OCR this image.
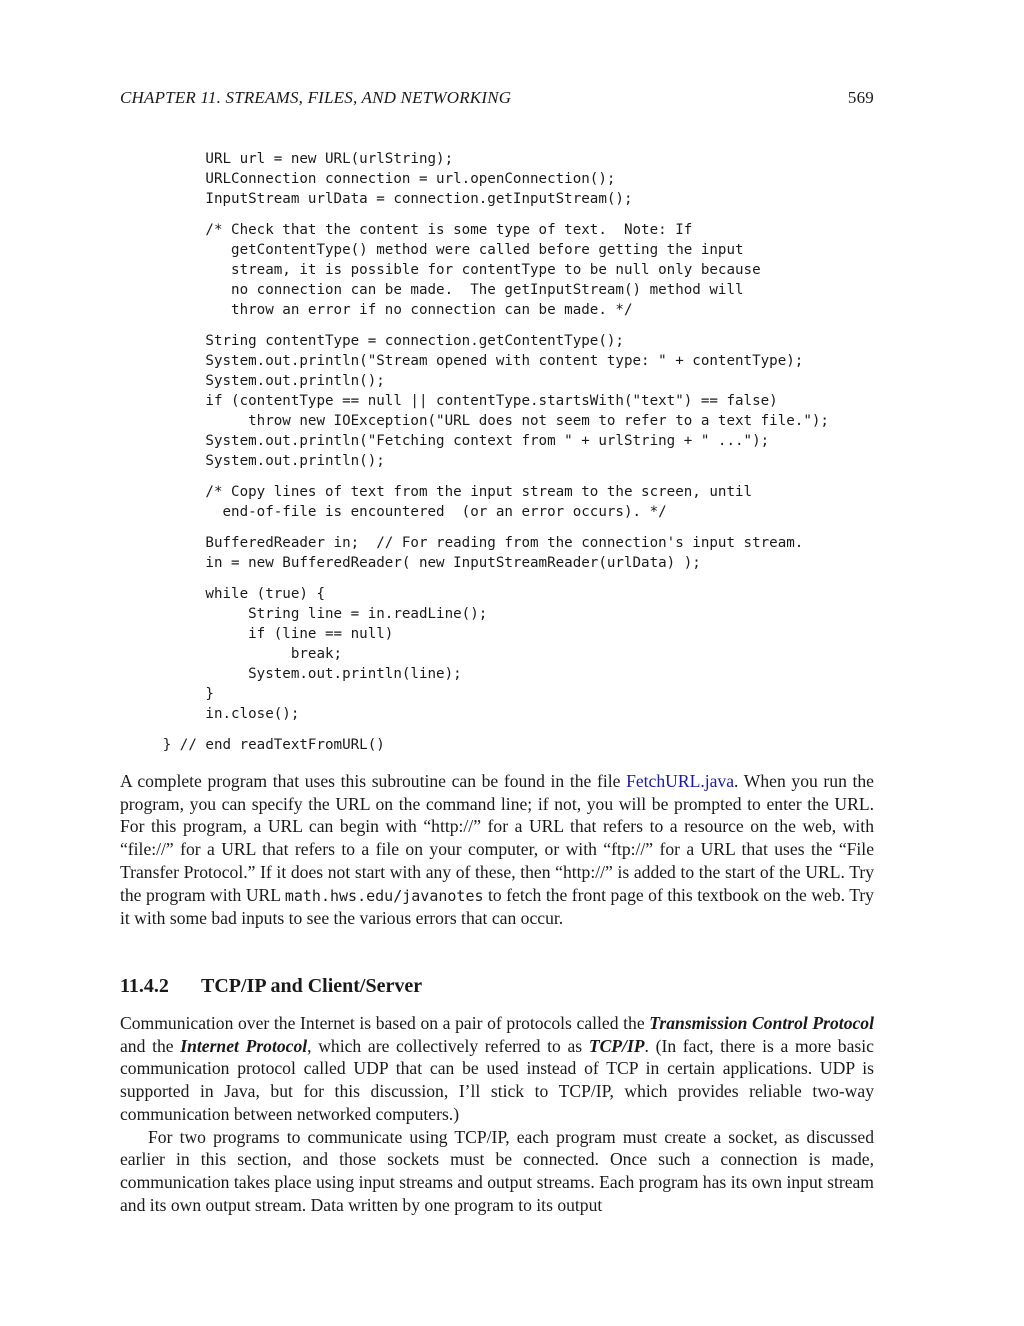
CHAPTER 11. STREAMS, FILES, AND NETWORKING	569
URL url = new URL(urlString);
URLConnection connection = url.openConnection();
InputStream urlData = connection.getInputStream();
/* Check that the content is some type of text.  Note: If
getContentType() method were called before getting the input
stream, it is possible for contentType to be null only because
no connection can be made.  The getInputStream() method will
throw an error if no connection can be made. */
String contentType = connection.getContentType();
System.out.println("Stream opened with content type: " + contentType);
System.out.println();
if (contentType == null || contentType.startsWith("text") == false)
throw new IOException("URL does not seem to refer to a text file.");
System.out.println("Fetching context from " + urlString + " ...");
System.out.println();
/* Copy lines of text from the input stream to the screen, until
end-of-file is encountered  (or an error occurs). */
BufferedReader in;  // For reading from the connection's input stream.
in = new BufferedReader( new InputStreamReader(urlData) );
while (true) {
String line = in.readLine();
if (line == null)
break;
System.out.println(line);
}
in.close();
} // end readTextFromURL()

A complete program that uses this subroutine can be found in the file FetchURL.java. When you run the program, you can specify the URL on the command line; if not, you will be prompted to enter the URL. For this program, a URL can begin with “http://” for a URL that refers to a resource on the web, with “file://” for a URL that refers to a file on your computer, or with “ftp://” for a URL that uses the “File Transfer Protocol.” If it does not start with any of these, then “http://” is added to the start of the URL. Try the program with URL math.hws.edu/javanotes to fetch the front page of this textbook on the web. Try it with some bad inputs to see the various errors that can occur.

11.4.2 TCP/IP and Client/Server

Communication over the Internet is based on a pair of protocols called the Transmission Control Protocol and the Internet Protocol, which are collectively referred to as TCP/IP. (In fact, there is a more basic communication protocol called UDP that can be used instead of TCP in certain applications. UDP is supported in Java, but for this discussion, I’ll stick to TCP/IP, which provides reliable two-way communication between networked computers.)

For two programs to communicate using TCP/IP, each program must create a socket, as discussed earlier in this section, and those sockets must be connected. Once such a connection is made, communication takes place using input streams and output streams. Each program has its own input stream and its own output stream. Data written by one program to its output
